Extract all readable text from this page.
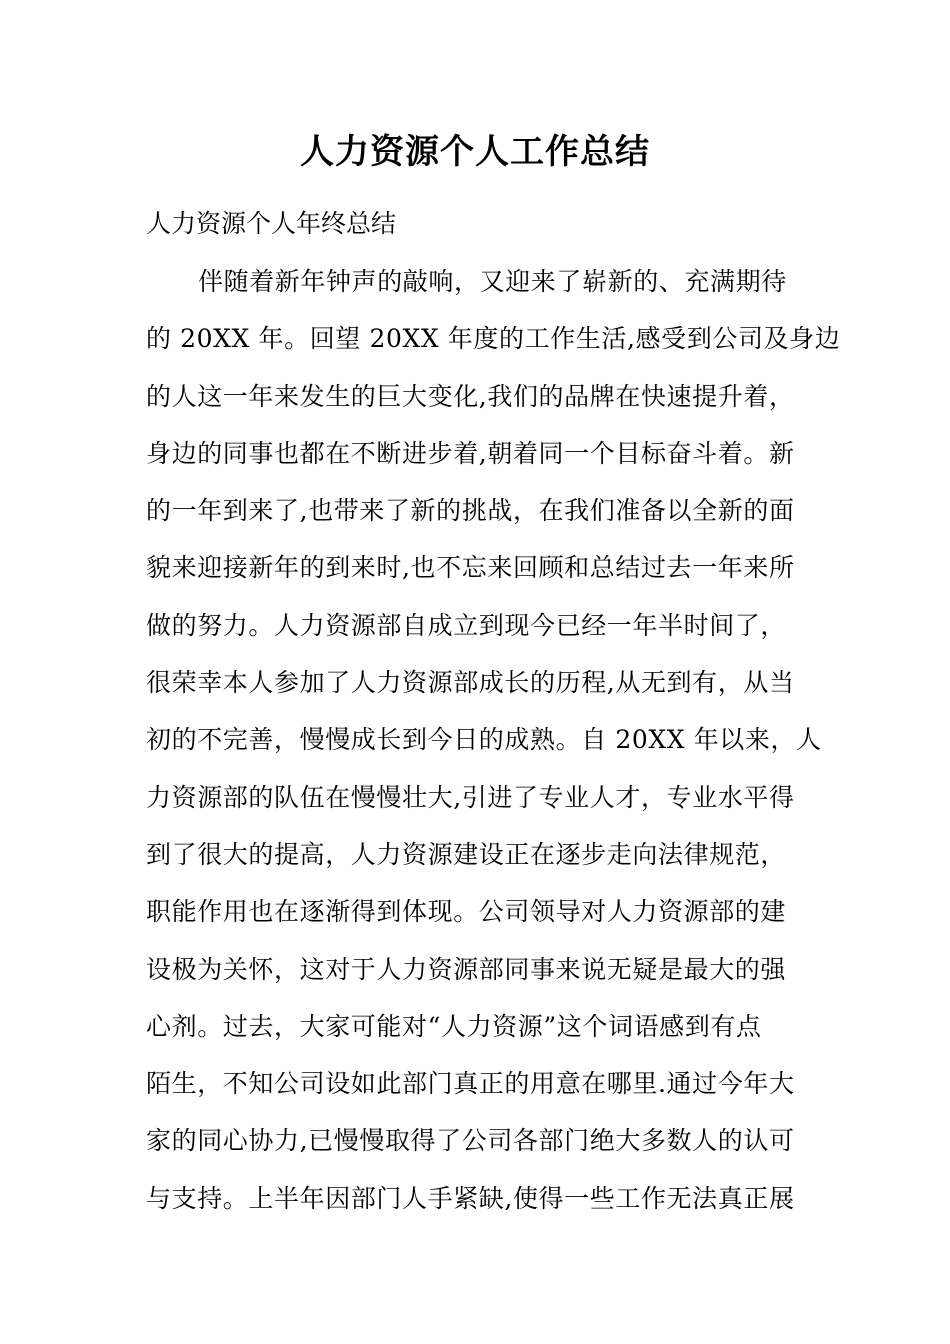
人力资源个人工作总结
人力资源个人年终总结
伴随着新年钟声的敲响，又迎来了崭新的、充满期待
的 20XX 年。回望 20XX 年度的工作生活,感受到公司及身边
的人这一年来发生的巨大变化,我们的品牌在快速提升着，
身边的同事也都在不断进步着,朝着同一个目标奋斗着。新
的一年到来了,也带来了新的挑战，在我们准备以全新的面
貌来迎接新年的到来时,也不忘来回顾和总结过去一年来所
做的努力。人力资源部自成立到现今已经一年半时间了，
很荣幸本人参加了人力资源部成长的历程,从无到有，从当
初的不完善，慢慢成长到今日的成熟。自 20XX 年以来，人
力资源部的队伍在慢慢壮大,引进了专业人才，专业水平得
到了很大的提高，人力资源建设正在逐步走向法律规范，
职能作用也在逐渐得到体现。公司领导对人力资源部的建
设极为关怀，这对于人力资源部同事来说无疑是最大的强
心剂。过去，大家可能对“人力资源”这个词语感到有点
陌生，不知公司设如此部门真正的用意在哪里.通过今年大
家的同心协力,已慢慢取得了公司各部门绝大多数人的认可
与支持。上半年因部门人手紧缺,使得一些工作无法真正展
